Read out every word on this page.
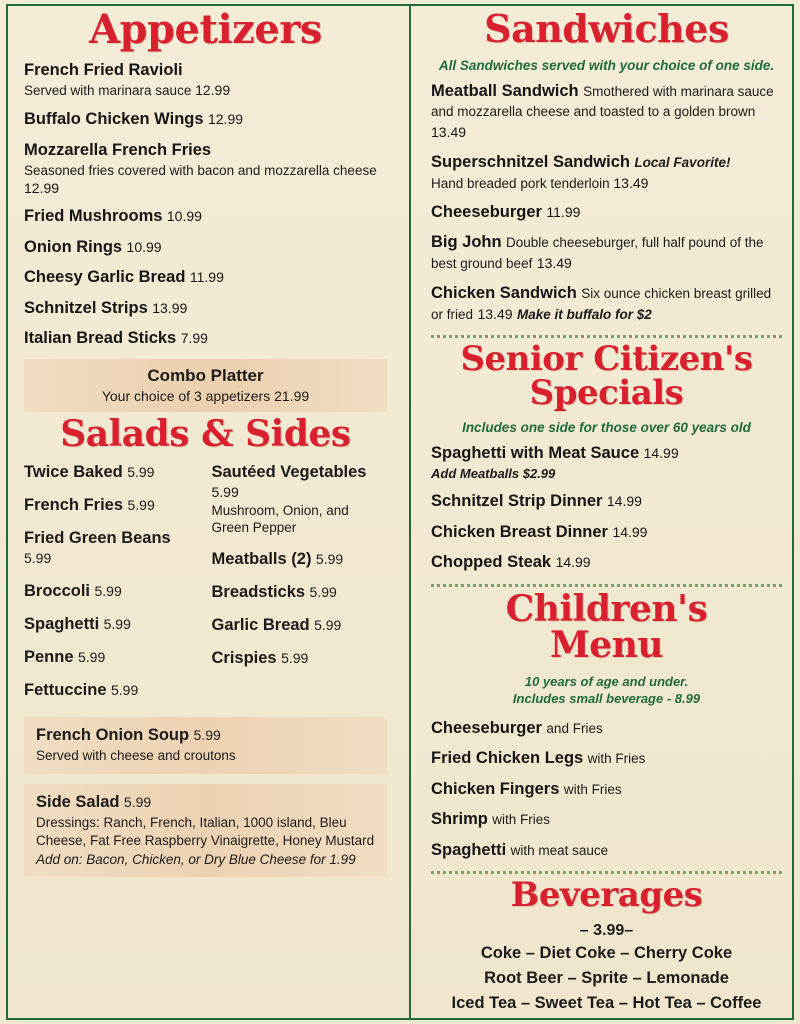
Appetizers
French Fried Ravioli
Served with marinara sauce 12.99
Buffalo Chicken Wings 12.99
Mozzarella French Fries
Seasoned fries covered with bacon and mozzarella cheese 12.99
Fried Mushrooms 10.99
Onion Rings 10.99
Cheesy Garlic Bread 11.99
Schnitzel Strips 13.99
Italian Bread Sticks 7.99
Combo Platter
Your choice of 3 appetizers 21.99
Salads & Sides
Twice Baked 5.99
French Fries 5.99
Fried Green Beans 5.99
Broccoli 5.99
Spaghetti 5.99
Penne 5.99
Fettuccine 5.99
Sautéed Vegetables 5.99
Mushroom, Onion, and Green Pepper
Meatballs (2) 5.99
Breadsticks 5.99
Garlic Bread 5.99
Crispies 5.99
French Onion Soup 5.99
Served with cheese and croutons
Side Salad 5.99
Dressings: Ranch, French, Italian, 1000 island, Bleu Cheese, Fat Free Raspberry Vinaigrette, Honey Mustard
Add on: Bacon, Chicken, or Dry Blue Cheese for 1.99
Sandwiches
All Sandwiches served with your choice of one side.
Meatball Sandwich Smothered with marinara sauce and mozzarella cheese and toasted to a golden brown 13.49
Superschnitzel Sandwich Local Favorite!
Hand breaded pork tenderloin 13.49
Cheeseburger 11.99
Big John Double cheeseburger, full half pound of the best ground beef 13.49
Chicken Sandwich Six ounce chicken breast grilled or fried 13.49 Make it buffalo for $2
Senior Citizen's
Specials
Includes one side for those over 60 years old
Spaghetti with Meat Sauce 14.99
Add Meatballs $2.99
Schnitzel Strip Dinner 14.99
Chicken Breast Dinner 14.99
Chopped Steak 14.99
Children's
Menu
10 years of age and under.
Includes small beverage - 8.99
Cheeseburger and Fries
Fried Chicken Legs with Fries
Chicken Fingers with Fries
Shrimp with Fries
Spaghetti with meat sauce
Beverages
– 3.99–
Coke – Diet Coke – Cherry Coke
Root Beer – Sprite – Lemonade
Iced Tea – Sweet Tea – Hot Tea – Coffee
